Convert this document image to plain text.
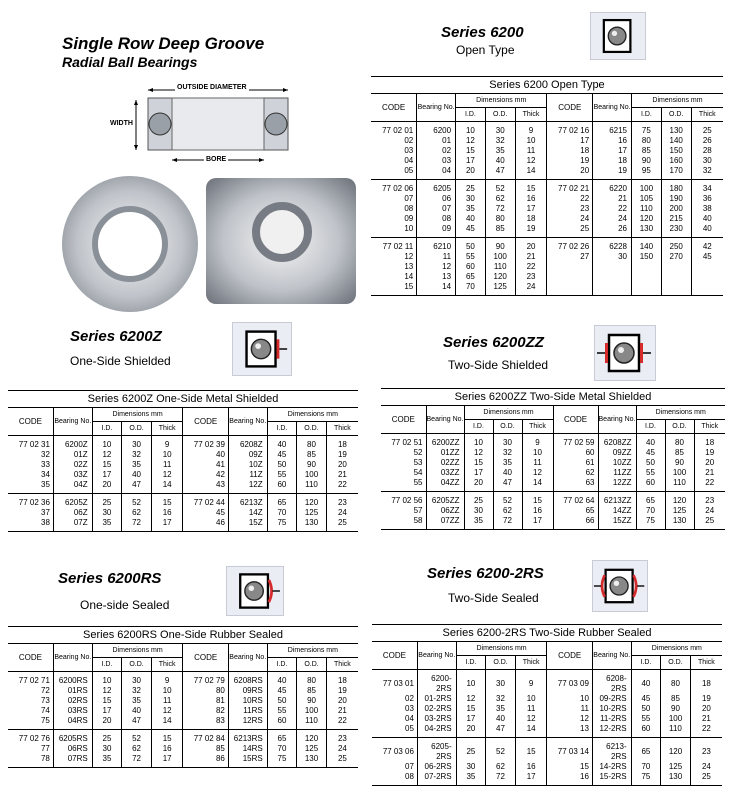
Single Row Deep Groove
Radial Ball Bearings
OUTSIDE DIAMETER
WIDTH
BORE
Series 6200
Open Type
Series 6200 Open Type									
CODE	Bearing No.	Dimensions mm			CODE	Bearing No.	Dimensions mm		
		I.D.	O.D.	Thick			I.D.	O.D.	Thick
77 02 01	6200	10	30	9	77 02 16	6215	75	130	25
02	01	12	32	10	17	16	80	140	26
03	02	15	35	11	18	17	85	150	28
04	03	17	40	12	19	18	90	160	30
05	04	20	47	14	20	19	95	170	32
77 02 06	6205	25	52	15	77 02 21	6220	100	180	34
07	06	30	62	16	22	21	105	190	36
08	07	35	72	17	23	22	110	200	38
09	08	40	80	18	24	24	120	215	40
10	09	45	85	19	25	26	130	230	40
77 02 11	6210	50	90	20	77 02 26	6228	140	250	42
12	11	55	100	21	27	30	150	270	45
13	12	60	110	22					
14	13	65	120	23					
15	14	70	125	24					
Series 6200Z
One-Side Shielded
Series 6200Z One-Side Metal Shielded									
CODE	Bearing No.	Dimensions mm			CODE	Bearing No.	Dimensions mm		
		I.D.	O.D.	Thick			I.D.	O.D.	Thick
77 02 31	6200Z	10	30	9	77 02 39	6208Z	40	80	18
32	01Z	12	32	10	40	09Z	45	85	19
33	02Z	15	35	11	41	10Z	50	90	20
34	03Z	17	40	12	42	11Z	55	100	21
35	04Z	20	47	14	43	12Z	60	110	22
77 02 36	6205Z	25	52	15	77 02 44	6213Z	65	120	23
37	06Z	30	62	16	45	14Z	70	125	24
38	07Z	35	72	17	46	15Z	75	130	25
Series 6200ZZ
Two-Side Shielded
Series 6200ZZ Two-Side Metal Shielded									
CODE	Bearing No.	Dimensions mm			CODE	Bearing No.	Dimensions mm		
		I.D.	O.D.	Thick			I.D.	O.D.	Thick
77 02 51	6200ZZ	10	30	9	77 02 59	6208ZZ	40	80	18
52	01ZZ	12	32	10	60	09ZZ	45	85	19
53	02ZZ	15	35	11	61	10ZZ	50	90	20
54	03ZZ	17	40	12	62	11ZZ	55	100	21
55	04ZZ	20	47	14	63	12ZZ	60	110	22
77 02 56	6205ZZ	25	52	15	77 02 64	6213ZZ	65	120	23
57	06ZZ	30	62	16	65	14ZZ	70	125	24
58	07ZZ	35	72	17	66	15ZZ	75	130	25
Series 6200RS
One-side Sealed
Series 6200RS One-Side Rubber Sealed									
CODE	Bearing No.	Dimensions mm			CODE	Bearing No.	Dimensions mm		
		I.D.	O.D.	Thick			I.D.	O.D.	Thick
77 02 71	6200RS	10	30	9	77 02 79	6208RS	40	80	18
72	01RS	12	32	10	80	09RS	45	85	19
73	02RS	15	35	11	81	10RS	50	90	20
74	03RS	17	40	12	82	11RS	55	100	21
75	04RS	20	47	14	83	12RS	60	110	22
77 02 76	6205RS	25	52	15	77 02 84	6213RS	65	120	23
77	06RS	30	62	16	85	14RS	70	125	24
78	07RS	35	72	17	86	15RS	75	130	25
Series 6200-2RS
Two-Side Sealed
Series 6200-2RS Two-Side Rubber Sealed									
CODE	Bearing No.	Dimensions mm			CODE	Bearing No.	Dimensions mm		
		I.D.	O.D.	Thick			I.D.	O.D.	Thick
77 03 01	6200-2RS	10	30	9	77 03 09	6208-2RS	40	80	18
02	01-2RS	12	32	10	10	09-2RS	45	85	19
03	02-2RS	15	35	11	11	10-2RS	50	90	20
04	03-2RS	17	40	12	12	11-2RS	55	100	21
05	04-2RS	20	47	14	13	12-2RS	60	110	22
77 03 06	6205-2RS	25	52	15	77 03 14	6213-2RS	65	120	23
07	06-2RS	30	62	16	15	14-2RS	70	125	24
08	07-2RS	35	72	17	16	15-2RS	75	130	25
